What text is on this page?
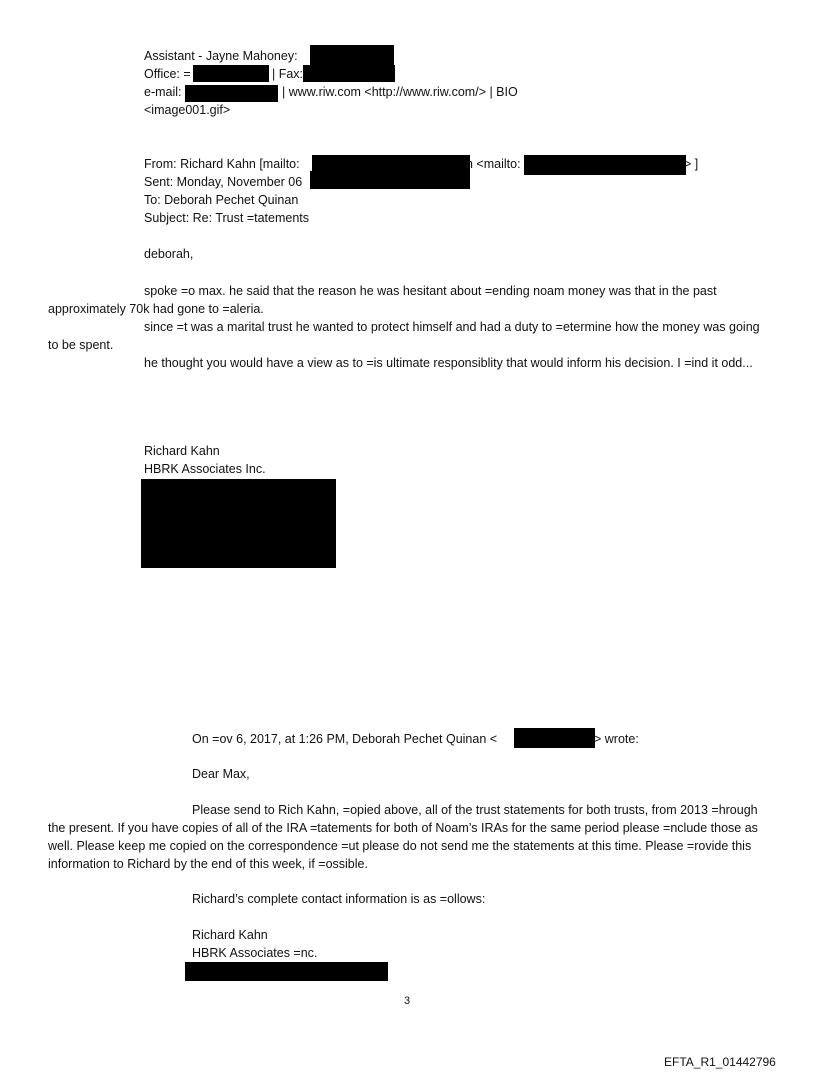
Assistant - Jayne Mahoney:
Office: =	| Fax:
e-mail:	| www.riw.com <http://www.riw.com/> | BIO
<image001.gif>
From: Richard Kahn [mailto:	n <mailto:	> ]
Sent: Monday, November 06
To: Deborah Pechet Quinan
Subject: Re: Trust =tatements
deborah,
spoke =o max. he said that the reason he was hesitant about =ending noam money was that in the past approximately 70k had gone to =aleria.
since =t was a marital trust he wanted to protect himself and had a duty to =etermine how the money was going to be spent.
he thought you would have a view as to =is ultimate responsiblity that would inform his decision. I =ind it odd...
Richard Kahn
HBRK Associates Inc.
On =ov 6, 2017, at 1:26 PM, Deborah Pechet Quinan <	> wrote:
Dear Max,
Please send to Rich Kahn, =opied above, all of the trust statements for both trusts, from 2013 =hrough the present. If you have copies of all of the IRA =tatements for both of Noam’s IRAs for the same period please =nclude those as well. Please keep me copied on the correspondence =ut please do not send me the statements at this time. Please =rovide this information to Richard by the end of this week, if =ossible.
Richard’s complete contact information is as =ollows:
Richard Kahn
HBRK Associates =nc.
3
EFTA_R1_01442796
